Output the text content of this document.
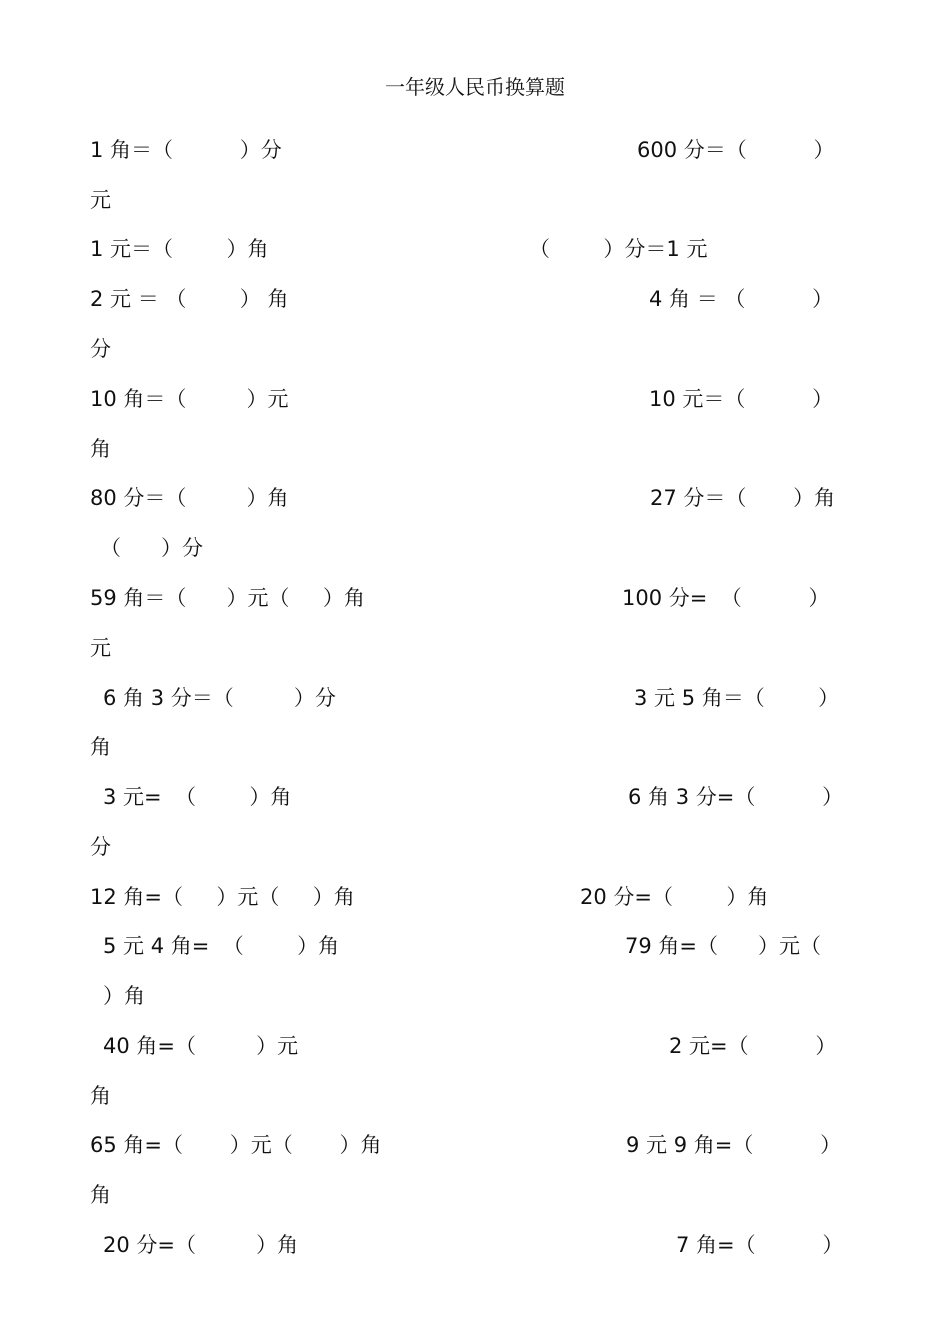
一年级人民币换算题
1 角＝（          ）分	600 分＝（          ）
元
1 元＝（        ）角	（        ）分＝1 元
2 元 ＝ （        ） 角	4 角 ＝ （          ）
分
10 角＝（         ）元	10 元＝（          ）
角
80 分＝（         ）角	27 分＝（       ）角
（      ）分
59 角＝（      ）元（     ）角	100 分=  （          ）
元
6 角 3 分＝（         ）分	3 元 5 角＝（        ）
角
3 元=  （        ）角	6 角 3 分=（          ）
分
12 角=（     ）元（     ）角	20 分=（        ）角
5 元 4 角=  （        ）角	79 角=（      ）元（
）角
40 角=（         ）元	2 元=（          ）
角
65 角=（       ）元（       ）角	9 元 9 角=（          ）
角
20 分=（         ）角	7 角=（          ）
